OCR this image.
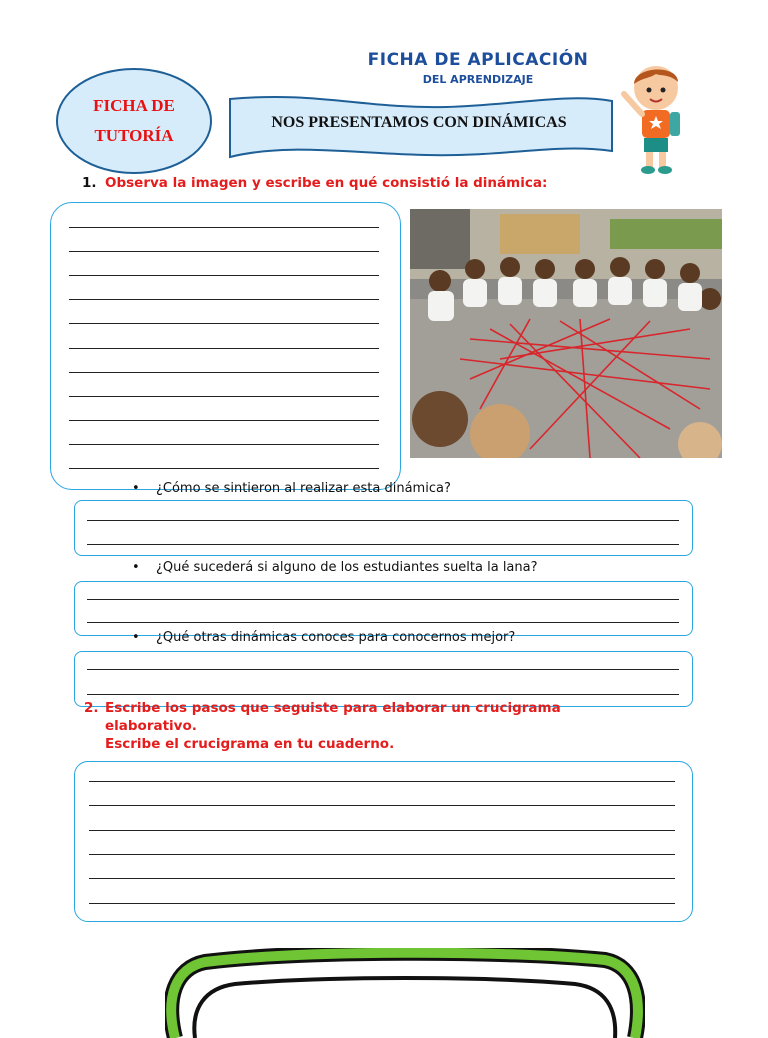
FICHA DE
TUTORÍA
FICHA DE APLICACIÓN
DEL APRENDIZAJE
NOS PRESENTAMOS CON DINÁMICAS
1. Observa la imagen y escribe en qué consistió la dinámica:
• ¿Cómo se sintieron al realizar esta dinámica?
• ¿Qué sucederá si alguno de los estudiantes suelta la lana?
• ¿Qué otras dinámicas conoces para conocernos mejor?
2. Escribe los pasos que seguiste para elaborar un crucigrama
elaborativo.
Escribe el crucigrama en tu cuaderno.
